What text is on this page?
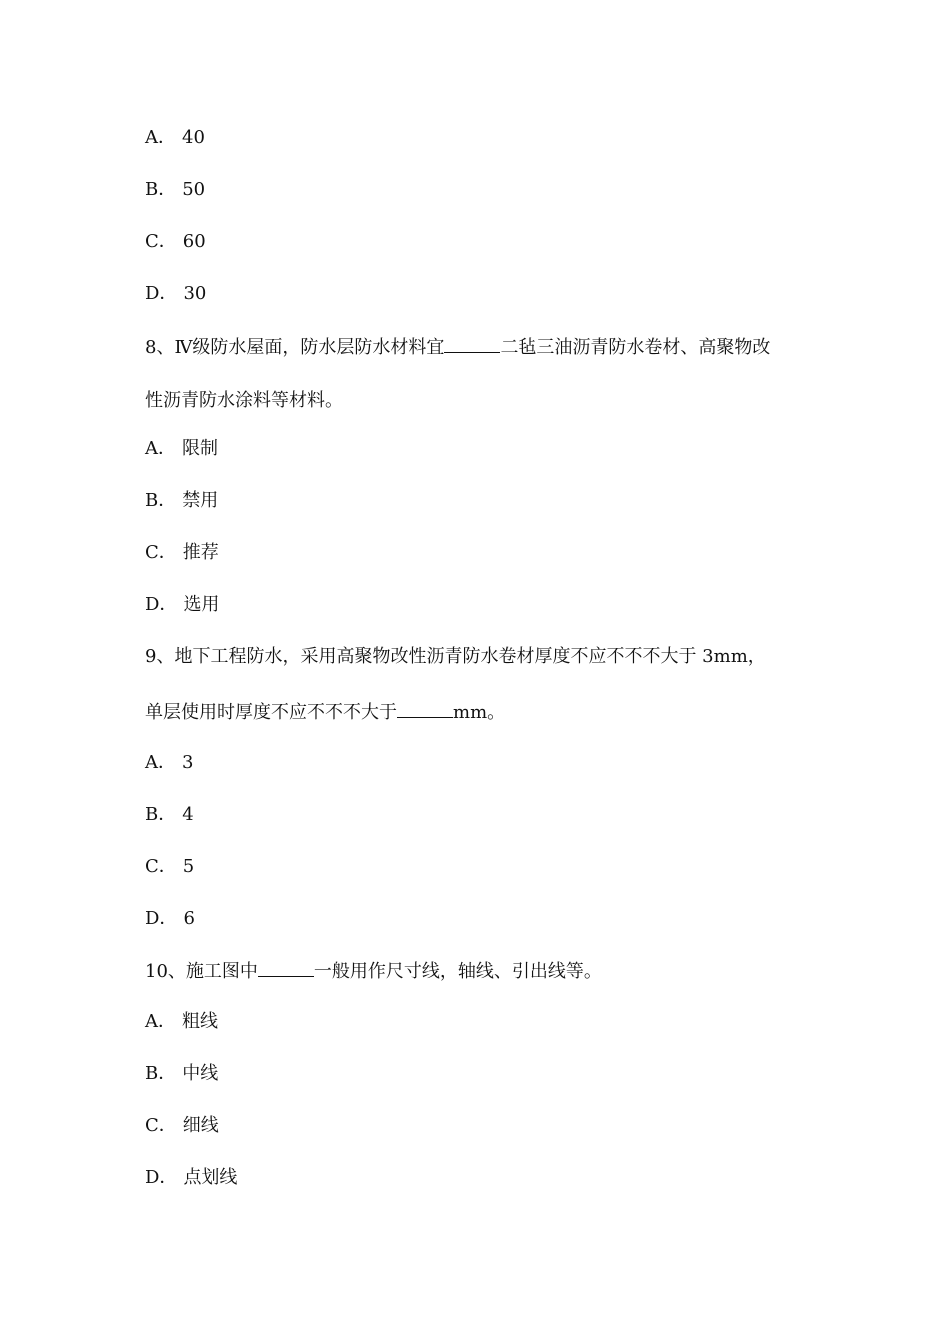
A． 40
B． 50
C． 60
D． 30
8、Ⅳ级防水屋面，防水层防水材料宜	二毡三油沥青防水卷材、高聚物改
性沥青防水涂料等材料。
A． 限制
B． 禁用
C． 推荐
D． 选用
9、地下工程防水，采用高聚物改性沥青防水卷材厚度不应不不不大于 3mm，
单层使用时厚度不应不不不大于	mm。
A． 3
B． 4
C． 5
D． 6
10、施工图中	一般用作尺寸线，轴线、引出线等。
A． 粗线
B． 中线
C． 细线
D． 点划线
